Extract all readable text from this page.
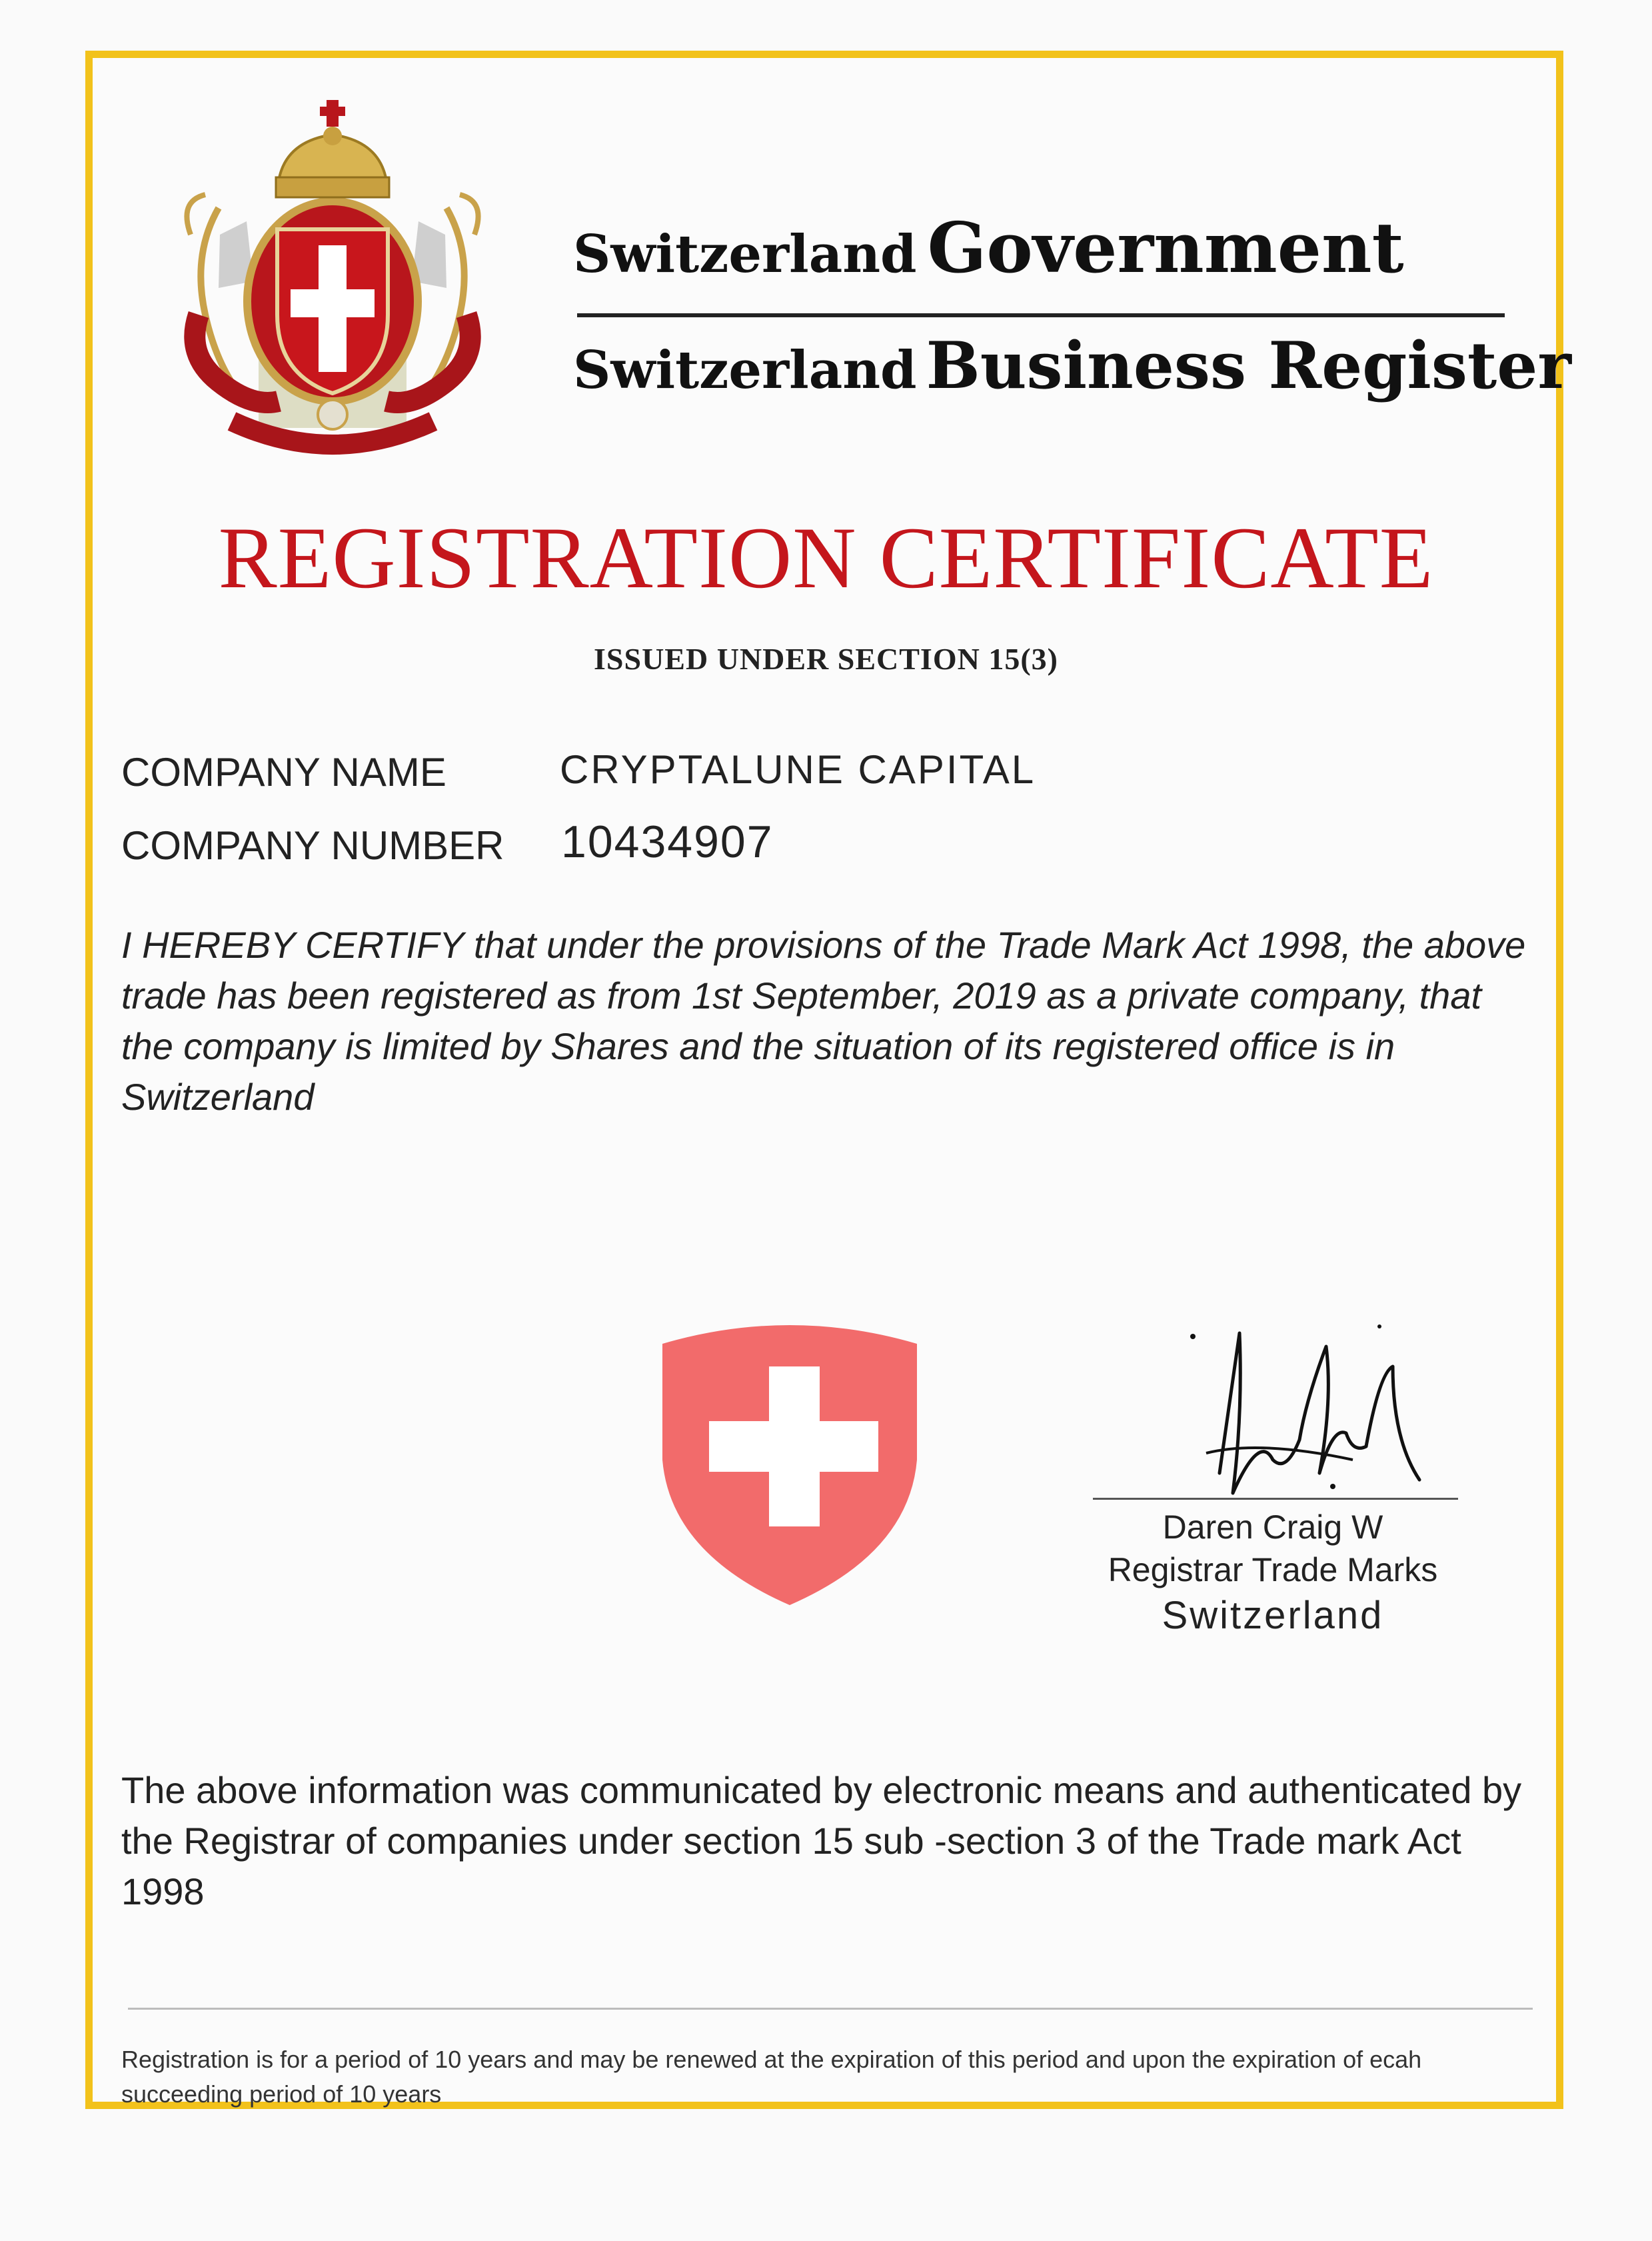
Switzerland Government
Switzerland Business Register
REGISTRATION CERTIFICATE
ISSUED UNDER SECTION 15(3)
COMPANY NAME	CRYPTALUNE CAPITAL
COMPANY NUMBER 10434907
I HEREBY CERTIFY that under the provisions of the Trade Mark Act 1998, the above trade has been registered as from 1st September, 2019 as a private company, that the company is limited by Shares and the situation of its registered office is in Switzerland
Daren Craig W
Registrar Trade Marks
Switzerland
The above information was communicated by electronic means and authenticated by the Registrar of companies under section 15 sub -section 3 of the Trade mark Act 1998
Registration is for a period of 10 years and may be renewed at the expiration of this period and upon the expiration of ecah succeeding period of 10 years
